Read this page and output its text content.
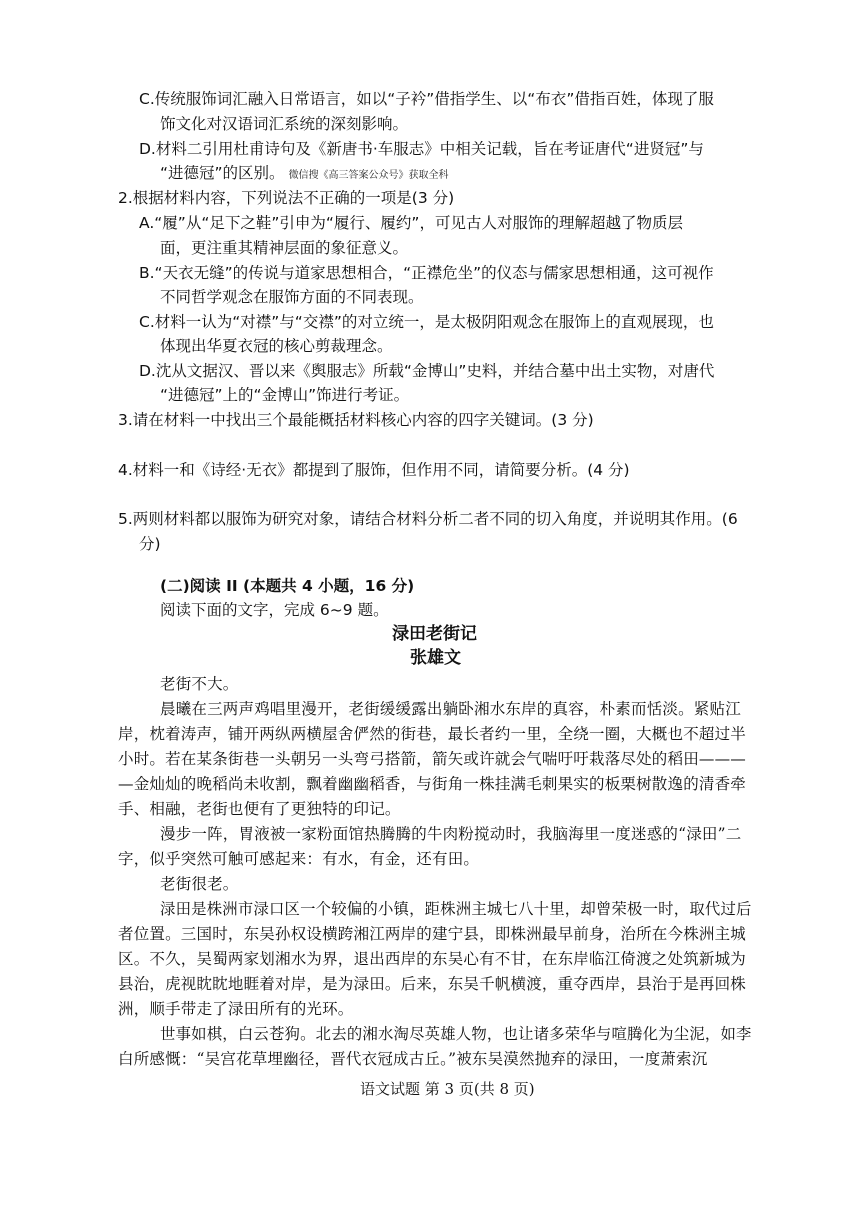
C.传统服饰词汇融入日常语言，如以“子衿”借指学生、以“布衣”借指百姓，体现了服
饰文化对汉语词汇系统的深刻影响。
D.材料二引用杜甫诗句及《新唐书·车服志》中相关记载，旨在考证唐代“进贤冠”与
“进德冠”的区别。 微信搜《高三答案公众号》获取全科
2.根据材料内容，下列说法不正确的一项是(3 分)
A.“履”从“足下之鞋”引申为“履行、履约”，可见古人对服饰的理解超越了物质层
面，更注重其精神层面的象征意义。
B.“天衣无缝”的传说与道家思想相合，“正襟危坐”的仪态与儒家思想相通，这可视作
不同哲学观念在服饰方面的不同表现。
C.材料一认为“对襟”与“交襟”的对立统一，是太极阴阳观念在服饰上的直观展现，也
体现出华夏衣冠的核心剪裁理念。
D.沈从文据汉、晋以来《舆服志》所载“金博山”史料，并结合墓中出土实物，对唐代
“进德冠”上的“金博山”饰进行考证。
3.请在材料一中找出三个最能概括材料核心内容的四字关键词。(3 分)
4.材料一和《诗经·无衣》都提到了服饰，但作用不同，请简要分析。(4 分)
5.两则材料都以服饰为研究对象，请结合材料分析二者不同的切入角度，并说明其作用。(6
分)
(二)阅读 II (本题共 4 小题，16 分)
阅读下面的文字，完成 6~9 题。
渌田老街记
张雄文
老街不大。
晨曦在三两声鸡唱里漫开，老街缓缓露出躺卧湘水东岸的真容，朴素而恬淡。紧贴江
岸，枕着涛声，铺开两纵两横屋舍俨然的街巷，最长者约一里，全绕一圈，大概也不超过半
小时。若在某条街巷一头朝另一头弯弓搭箭，箭矢或许就会气喘吁吁栽落尽处的稻田———
—金灿灿的晚稻尚未收割，飘着幽幽稻香，与街角一株挂满毛刺果实的板栗树散逸的清香牵
手、相融，老街也便有了更独特的印记。
漫步一阵，胃液被一家粉面馆热腾腾的牛肉粉搅动时，我脑海里一度迷惑的“渌田”二
字，似乎突然可触可感起来：有水，有金，还有田。
老街很老。
渌田是株洲市渌口区一个较偏的小镇，距株洲主城七八十里，却曾荣极一时，取代过后
者位置。三国时，东吴孙权设横跨湘江两岸的建宁县，即株洲最早前身，治所在今株洲主城
区。不久，吴蜀两家划湘水为界，退出西岸的东吴心有不甘，在东岸临江倚渡之处筑新城为
县治，虎视眈眈地睚着对岸，是为渌田。后来，东吴千帆横渡，重夺西岸，县治于是再回株
洲，顺手带走了渌田所有的光环。
世事如棋，白云苍狗。北去的湘水淘尽英雄人物，也让诸多荣华与喧腾化为尘泥，如李
白所感慨：“吴宫花草埋幽径，晋代衣冠成古丘。”被东吴漠然抛弃的渌田，一度萧索沉
语文试题 第 3 页(共 8 页)
